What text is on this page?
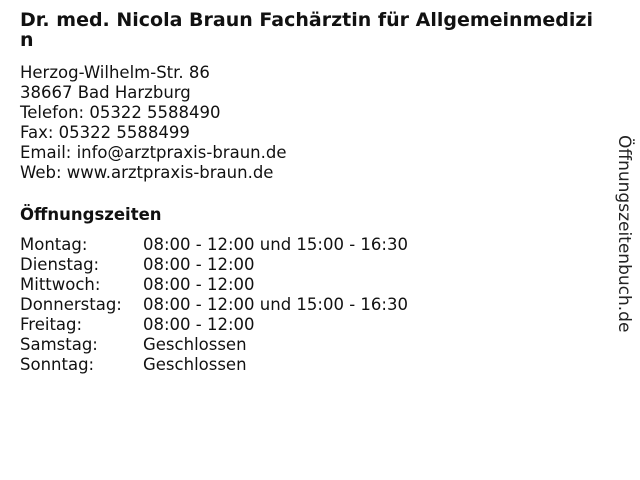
Dr. med. Nicola Braun Fachärztin für Allgemeinmedizin
Herzog-Wilhelm-Str. 86
38667 Bad Harzburg
Telefon: 05322 5588490
Fax: 05322 5588499
Email: info@arztpraxis-braun.de
Web: www.arztpraxis-braun.de
Öffnungszeiten
Montag:	08:00 - 12:00 und 15:00 - 16:30
Dienstag:	08:00 - 12:00
Mittwoch:	08:00 - 12:00
Donnerstag:	08:00 - 12:00 und 15:00 - 16:30
Freitag:	08:00 - 12:00
Samstag:	Geschlossen
Sonntag:	Geschlossen
Öffnungszeitenbuch.de
